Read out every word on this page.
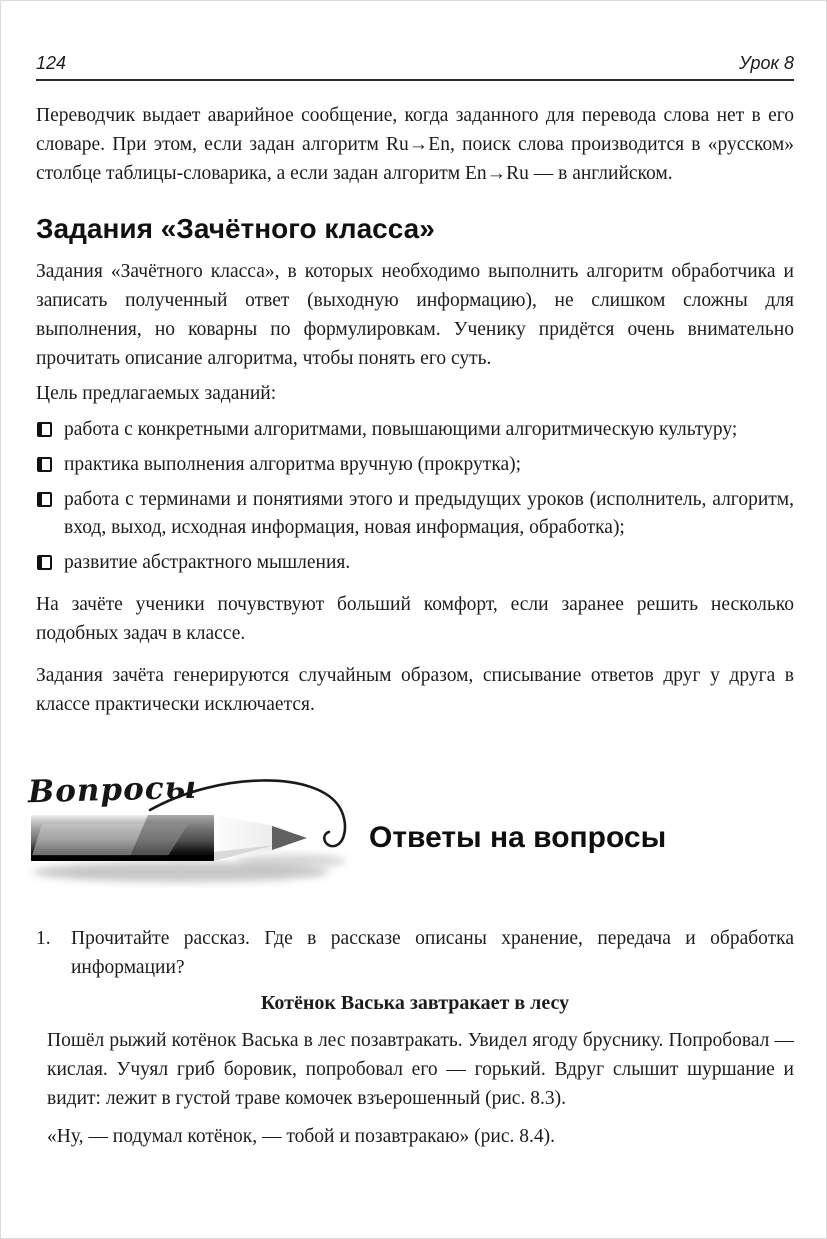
124	Урок 8

Переводчик выдает аварийное сообщение, когда заданного для перевода слова нет в его словаре. При этом, если задан алгоритм Ru→En, поиск слова производится в «русском» столбце таблицы-словарика, а если задан алгоритм En→Ru — в английском.

Задания «Зачётного класса»

Задания «Зачётного класса», в которых необходимо выполнить алгоритм обработчика и записать полученный ответ (выходную информацию), не слишком сложны для выполнения, но коварны по формулировкам. Ученику придётся очень внимательно прочитать описание алгоритма, чтобы понять его суть.

Цель предлагаемых заданий:

работа с конкретными алгоритмами, повышающими алгоритмическую культуру;
практика выполнения алгоритма вручную (прокрутка);
работа с терминами и понятиями этого и предыдущих уроков (исполнитель, алгоритм, вход, выход, исходная информация, новая информация, обработка);
развитие абстрактного мышления.

На зачёте ученики почувствуют больший комфорт, если заранее решить несколько подобных задач в классе.

Задания зачёта генерируются случайным образом, списывание ответов друг у друга в классе практически исключается.

Вопросы
Ответы на вопросы
1.	Прочитайте рассказ. Где в рассказе описаны хранение, передача и обработка информации?
Котёнок Васька завтракает в лесу

Пошёл рыжий котёнок Васька в лес позавтракать. Увидел ягоду бруснику. Попробовал — кислая. Учуял гриб боровик, попробовал его — горький. Вдруг слышит шуршание и видит: лежит в густой траве комочек взъерошенный (рис. 8.3).

«Ну, — подумал котёнок, — тобой и позавтракаю» (рис. 8.4).
